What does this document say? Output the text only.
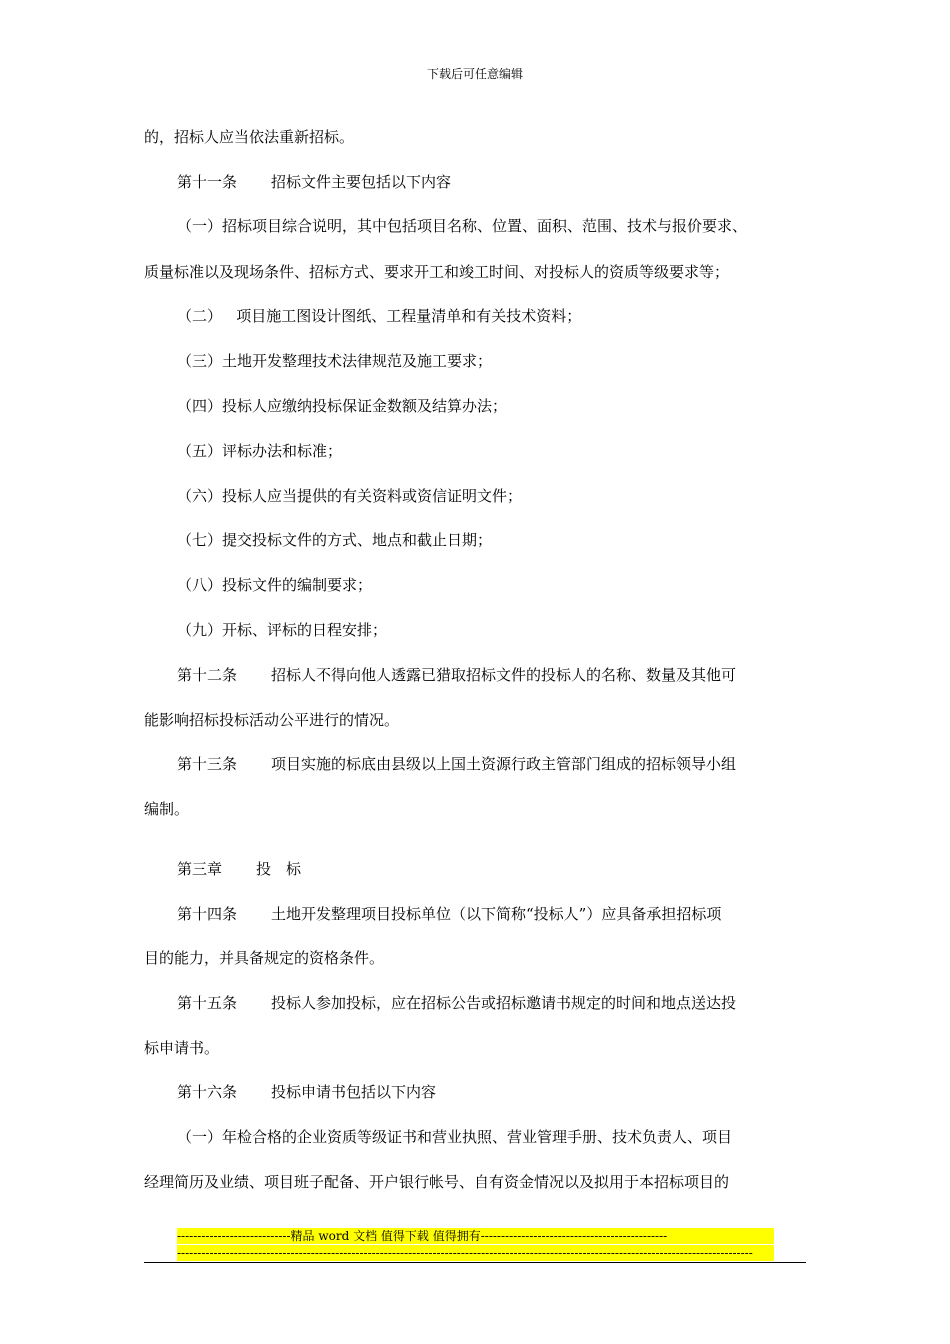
下载后可任意编辑
的，招标人应当依法重新招标。
第十一条 招标文件主要包括以下内容
（一）招标项目综合说明，其中包括项目名称、位置、面积、范围、技术与报价要求、
质量标准以及现场条件、招标方式、要求开工和竣工时间、对投标人的资质等级要求等；
（二）   项目施工图设计图纸、工程量清单和有关技术资料；
（三）土地开发整理技术法律规范及施工要求；
（四）投标人应缴纳投标保证金数额及结算办法；
（五）评标办法和标准；
（六）投标人应当提供的有关资料或资信证明文件；
（七）提交投标文件的方式、地点和截止日期；
（八）投标文件的编制要求；
（九）开标、评标的日程安排；
第十二条 招标人不得向他人透露已猎取招标文件的投标人的名称、数量及其他可
能影响招标投标活动公平进行的情况。
第十三条 项目实施的标底由县级以上国土资源行政主管部门组成的招标领导小组
编制。
第三章 投　标
第十四条 土地开发整理项目投标单位（以下简称“投标人”）应具备承担招标项
目的能力，并具备规定的资格条件。
第十五条 投标人参加投标，应在招标公告或招标邀请书规定的时间和地点送达投
标申请书。
第十六条 投标申请书包括以下内容
（一）年检合格的企业资质等级证书和营业执照、营业管理手册、技术负责人、项目
经理简历及业绩、项目班子配备、开户银行帐号、自有资金情况以及拟用于本招标项目的
----------------------------精品 word 文档 值得下载 值得拥有----------------------------------------------
----------------------------------------------------------------------------------------------------------------------------------------------
